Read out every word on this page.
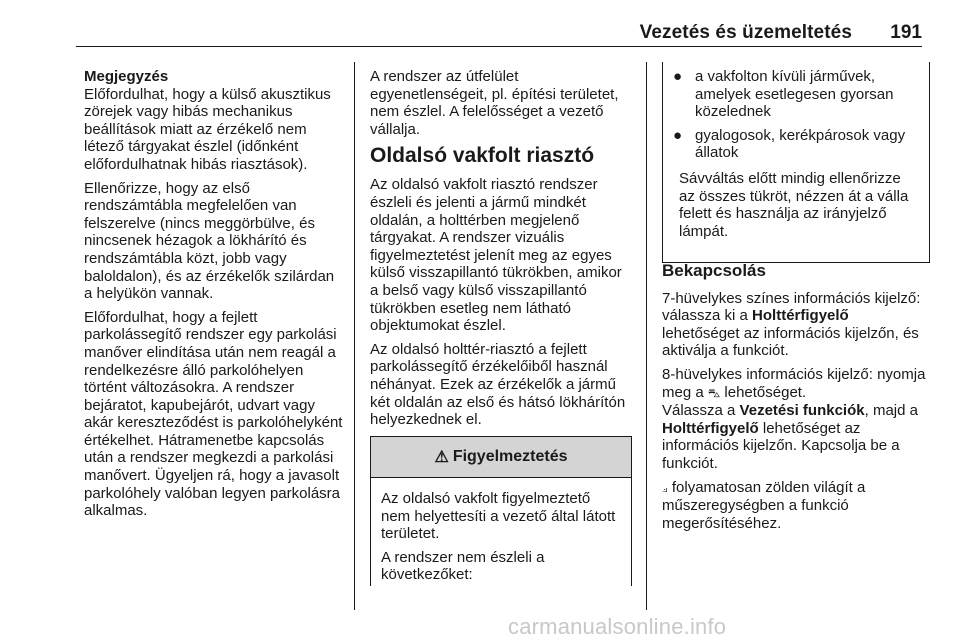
Vezetés és üzemeltetés 191
Megjegyzés

Előfordulhat, hogy a külső akusztikus zörejek vagy hibás mechanikus beállítások miatt az érzékelő nem létező tárgyakat észlel (időnként előfordulhatnak hibás riasztások).

Ellenőrizze, hogy az első rendszámtábla megfelelően van felszerelve (nincs meggörbülve, és nincsenek hézagok a lökhárító és rendszámtábla közt, jobb vagy baloldalon), és az érzékelők szilárdan a helyükön vannak.

Előfordulhat, hogy a fejlett parkolássegítő rendszer egy parkolási manőver elindítása után nem reagál a rendelkezésre álló parkolóhelyen történt változásokra. A rendszer bejáratot, kapubejárót, udvart vagy akár kereszteződést is parkolóhelyként értékelhet. Hátramenetbe kapcsolás után a rendszer megkezdi a parkolási manővert. Ügyeljen rá, hogy a javasolt parkolóhely valóban legyen parkolásra alkalmas.

A rendszer az útfelület egyenetlenségeit, pl. építési területet, nem észlel. A felelősséget a vezető vállalja.

Oldalsó vakfolt riasztó

Az oldalsó vakfolt riasztó rendszer észleli és jelenti a jármű mindkét oldalán, a holttérben megjelenő tárgyakat. A rendszer vizuális figyelmeztetést jelenít meg az egyes külső visszapillantó tükrökben, amikor a belső vagy külső visszapillantó tükrökben esetleg nem látható objektumokat észlel.

Az oldalsó holttér-riasztó a fejlett parkolássegítő érzékelőiből használ néhányat. Ezek az érzékelők a jármű két oldalán az első és hátsó lökhárítón helyezkednek el.

⚠ Figyelmeztetés

Az oldalsó vakfolt figyelmeztető nem helyettesíti a vezető által látott területet.

A rendszer nem észleli a következőket:

● a vakfolton kívüli járművek, amelyek esetlegesen gyorsan közelednek
● gyalogosok, kerékpárosok vagy állatok

Sávváltás előtt mindig ellenőrizze az összes tükröt, nézzen át a válla felett és használja az irányjelző lámpát.

Bekapcsolás

7-hüvelykes színes információs kijelző: válassza ki a Holttérfigyelő lehetőséget az információs kijelzőn, és aktiválja a funkciót.

8-hüvelykes információs kijelző: nyomja meg a ⛍ lehetőséget.
Válassza a Vezetési funkciók, majd a Holttérfigyelő lehetőséget az információs kijelzőn. Kapcsolja be a funkciót.

⟓ folyamatosan zölden világít a műszeregységben a funkció megerősítéséhez.

carmanualsonline.info
